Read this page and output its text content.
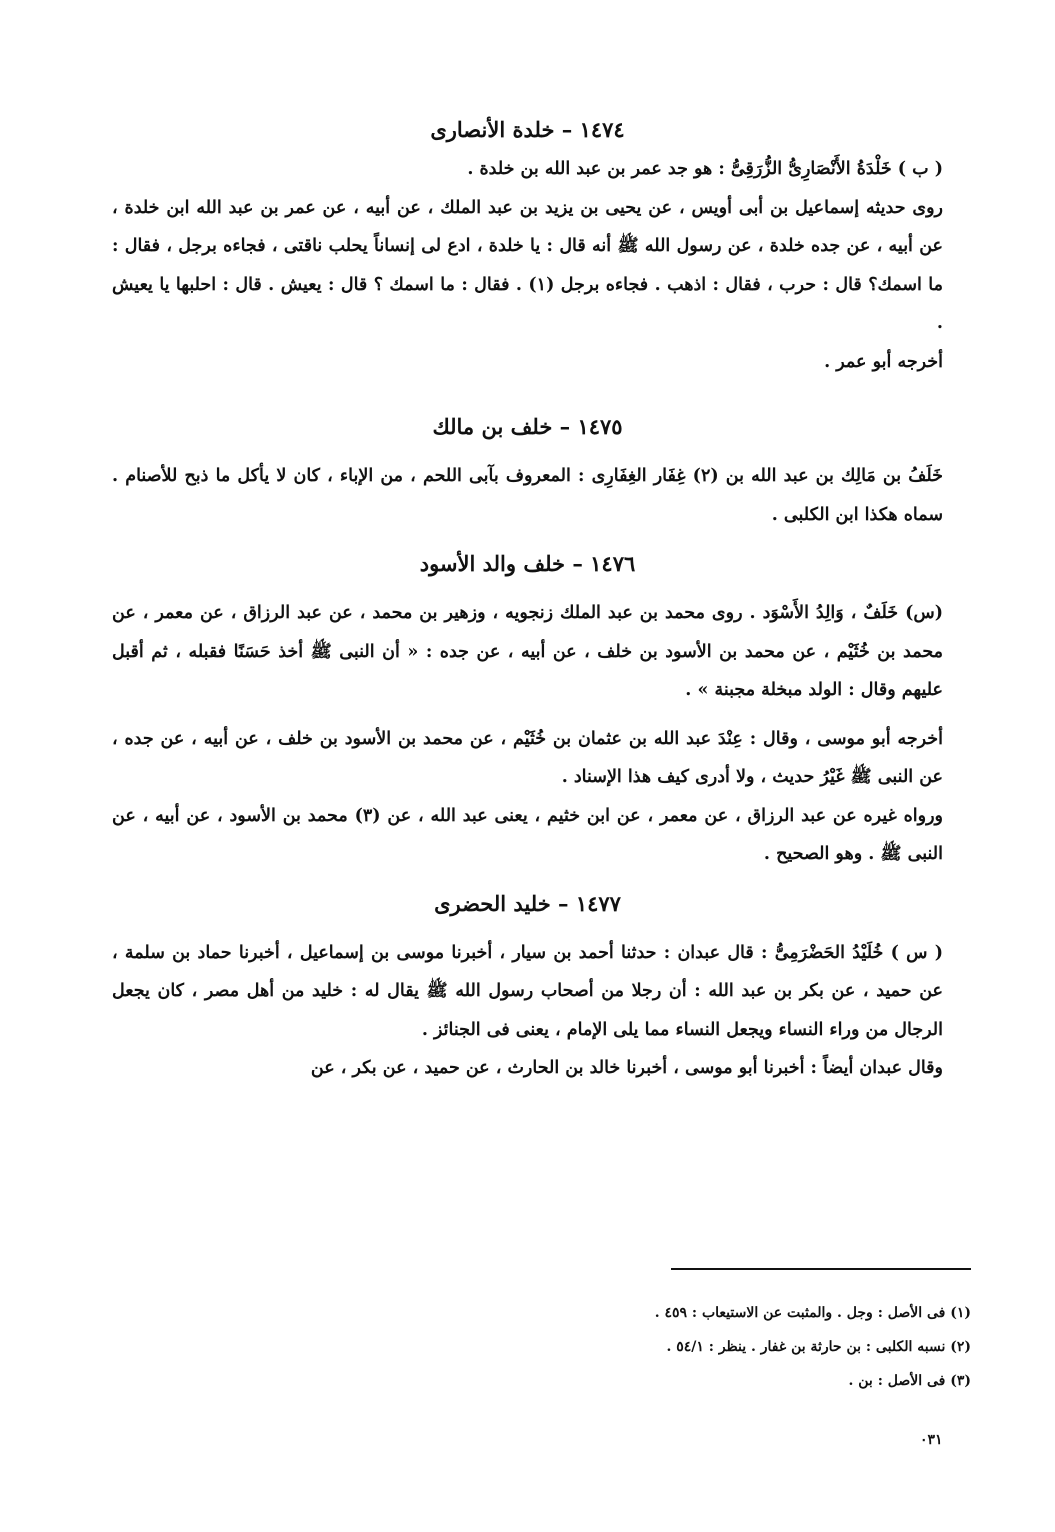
١٤٧٤ – خلدة الأنصارى

( ب ) خَلْدَةُ الأَنْصَارِىُّ الزُّرَقِىُّ : هو جد عمر بن عبد الله بن خلدة .

روى حديثه إسماعيل بن أبى أويس ، عن يحيى بن يزيد بن عبد الملك ، عن أبيه ، عن عمر بن عبد الله ابن خلدة ، عن أبيه ، عن جده خلدة ، عن رسول الله ﷺ أنه قال : يا خلدة ، ادع لى إنساناً يحلب ناقتى ، فجاءه برجل ، فقال : ما اسمك؟ قال : حرب ، فقال : اذهب . فجاءه برجل (١) . فقال : ما اسمك ؟ قال : يعيش . قال : احلبها يا يعيش .

أخرجه أبو عمر .

١٤٧٥ – خلف بن مالك

خَلَفُ بن مَالِك بن عبد الله بن (٢) غِفَار الغِفَارِى : المعروف بآبى اللحم ، من الإباء ، كان لا يأكل ما ذبح للأصنام . سماه هكذا ابن الكلبى .

١٤٧٦ – خلف والد الأسود

(س) خَلَفٌ ، وَالِدُ الأَسْوَد . روى محمد بن عبد الملك زنجويه ، وزهير بن محمد ، عن عبد الرزاق ، عن معمر ، عن محمد بن خُثَيْم ، عن محمد بن الأسود بن خلف ، عن أبيه ، عن جده : « أن النبى ﷺ أخذ حَسَنًا فقبله ، ثم أقبل عليهم وقال : الولد مبخلة مجبنة » .

أخرجه أبو موسى ، وقال : عِنْدَ عبد الله بن عثمان بن خُثَيْم ، عن محمد بن الأسود بن خلف ، عن أبيه ، عن جده ، عن النبى ﷺ غَيْرُ حديث ، ولا أدرى كيف هذا الإسناد .

ورواه غيره عن عبد الرزاق ، عن معمر ، عن ابن خثيم ، يعنى عبد الله ، عن (٣) محمد بن الأسود ، عن أبيه ، عن النبى ﷺ . وهو الصحيح .

١٤٧٧ – خليد الحضرى

( س ) خُلَيْدُ الحَضْرَمِىُّ : قال عبدان : حدثنا أحمد بن سيار ، أخبرنا موسى بن إسماعيل ، أخبرنا حماد بن سلمة ، عن حميد ، عن بكر بن عبد الله : أن رجلا من أصحاب رسول الله ﷺ يقال له : خليد من أهل مصر ، كان يجعل الرجال من وراء النساء ويجعل النساء مما يلى الإمام ، يعنى فى الجنائز .

وقال عبدان أيضاً : أخبرنا أبو موسى ، أخبرنا خالد بن الحارث ، عن حميد ، عن بكر ، عن

(١) فى الأصل : وجل . والمثبت عن الاستيعاب : ٤٥٩ .
(٢) نسبه الكلبى : بن حارثة بن غفار . ينظر : ٥٤/١ .
(٣) فى الأصل : بن .
٠٣١
